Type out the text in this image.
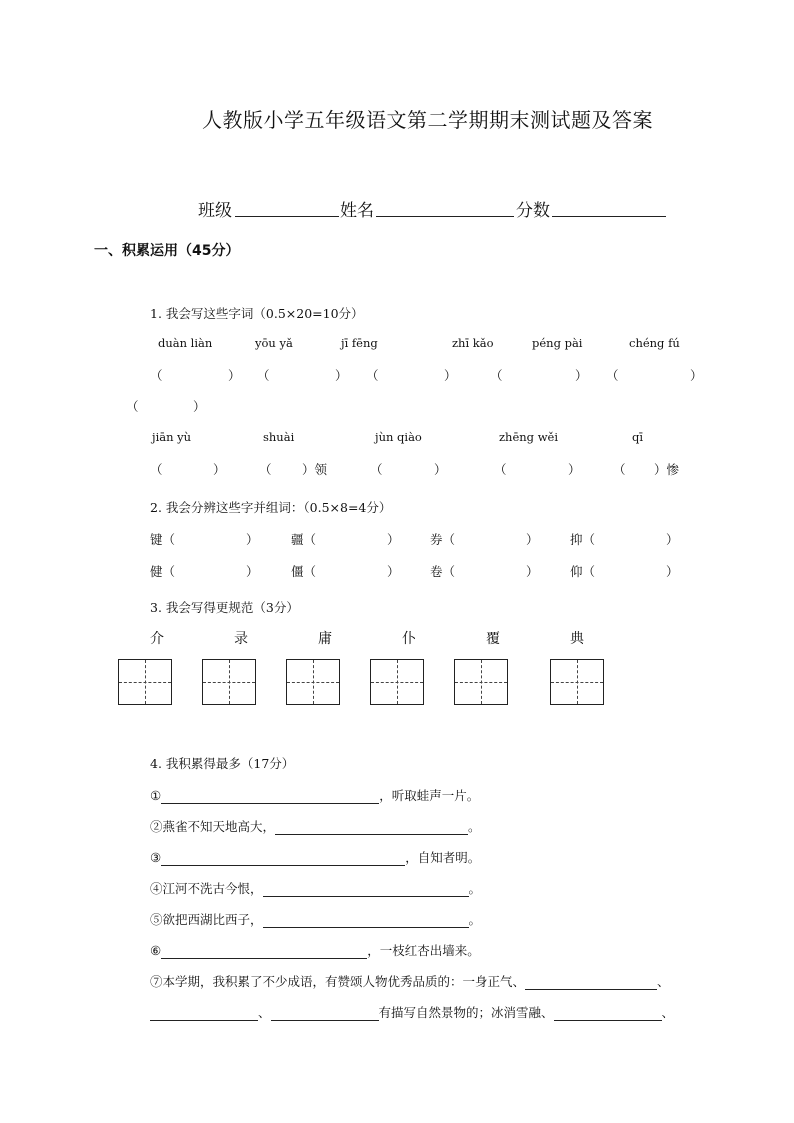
人教版小学五年级语文第二学期期末测试题及答案
班级	姓名	分数
一、积累运用（45分）
1. 我会写这些字词（0.5×20=10分）
duàn liàn	yōu yǎ	jī fēng	zhī kǎo	péng pài	chéng fú
（	） （	） （	）	（	） （	）
（	）
jiān yù	shuài	jùn qiào	zhēng wěi	qī
（	）	（ ）领	（	）	（	）	（ ）惨
2. 我会分辨这些字并组词：（0.5×8=4分）
键（	）	疆（	） 券（	）	抑（	）
健（	）	僵（	） 卷（	）	仰（	）
3. 我会写得更规范（3分）
介	录	庸	仆	覆	典
4. 我积累得最多（17分）
①	，听取蛙声一片。
②燕雀不知天地高大，	。
③	，自知者明。
④江河不洗古今恨，	。
⑤欲把西湖比西子，	。
⑥	，一枝红杏出墙来。
⑦本学期，我积累了不少成语，有赞颂人物优秀品质的：一身正气、	、
、	有描写自然景物的；冰消雪融、	、
